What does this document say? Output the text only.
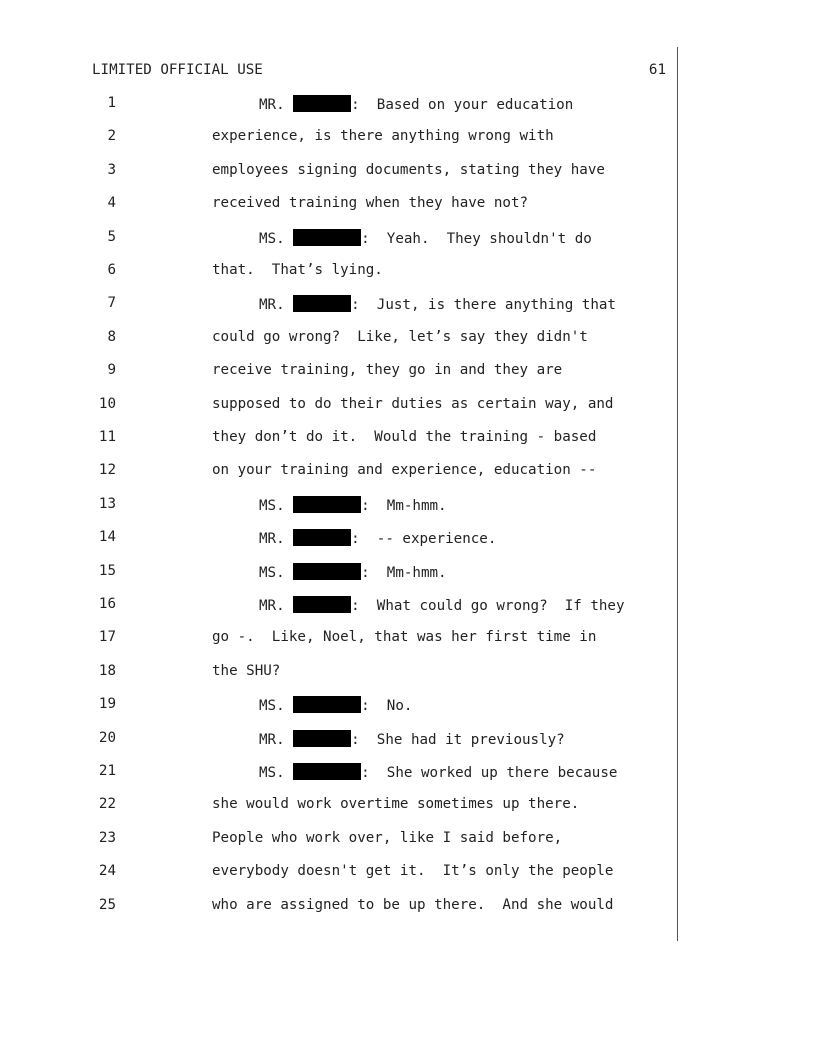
LIMITED OFFICIAL USE	61
1	MR.	:  Based on your education
2	experience, is there anything wrong with
3	employees signing documents, stating they have
4	received training when they have not?
5	MS.	:  Yeah.  They shouldn't do
6	that.  That’s lying.
7	MR.	:  Just, is there anything that
8	could go wrong?  Like, let’s say they didn't
9	receive training, they go in and they are
10	supposed to do their duties as certain way, and
11	they don’t do it.  Would the training - based
12	on your training and experience, education --
13	MS.	:  Mm-hmm.
14	MR.	:  -- experience.
15	MS.	:  Mm-hmm.
16	MR.	:  What could go wrong?  If they
17	go -.  Like, Noel, that was her first time in
18	the SHU?
19	MS.	:  No.
20	MR.	:  She had it previously?
21	MS.	:  She worked up there because
22	she would work overtime sometimes up there.
23	People who work over, like I said before,
24	everybody doesn't get it.  It’s only the people
25	who are assigned to be up there.  And she would
